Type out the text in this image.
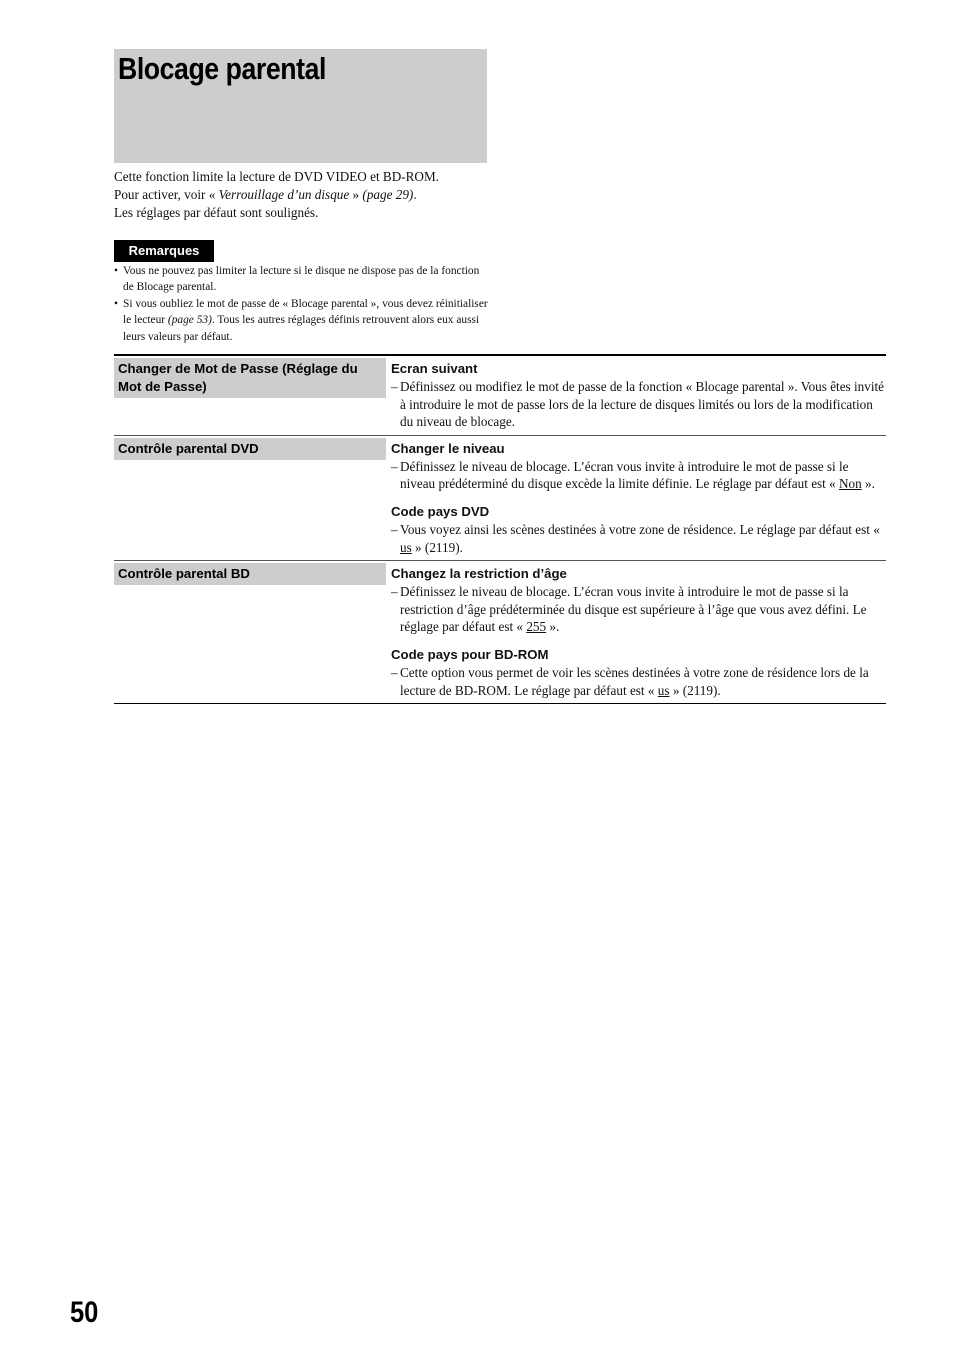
Blocage parental
Cette fonction limite la lecture de DVD VIDEO et BD-ROM.
Pour activer, voir « Verrouillage d’un disque » (page 29).
Les réglages par défaut sont soulignés.
Remarques

• Vous ne pouvez pas limiter la lecture si le disque ne dispose pas de la fonction de Blocage parental.

• Si vous oubliez le mot de passe de « Blocage parental », vous devez réinitialiser le lecteur (page 53). Tous les autres réglages définis retrouvent alors eux aussi leurs valeurs par défaut.

Changer de Mot de Passe (Réglage du Mot de Passe)
Ecran suivant
– Définissez ou modifiez le mot de passe de la fonction « Blocage parental ». Vous êtes invité à introduire le mot de passe lors de la lecture de disques limités ou lors de la modification du niveau de blocage.
Contrôle parental DVD	Changer le niveau
– Définissez le niveau de blocage. L’écran vous invite à introduire le mot de passe si le niveau prédéterminé du disque excède la limite définie. Le réglage par défaut est « Non ».
Code pays DVD
– Vous voyez ainsi les scènes destinées à votre zone de résidence. Le réglage par défaut est « us » (2119).
Contrôle parental BD	Changez la restriction d’âge
– Définissez le niveau de blocage. L’écran vous invite à introduire le mot de passe si la restriction d’âge prédéterminée du disque est supérieure à l’âge que vous avez défini. Le réglage par défaut est « 255 ».
Code pays pour BD-ROM
– Cette option vous permet de voir les scènes destinées à votre zone de résidence lors de la lecture de BD-ROM. Le réglage par défaut est « us » (2119).
50
